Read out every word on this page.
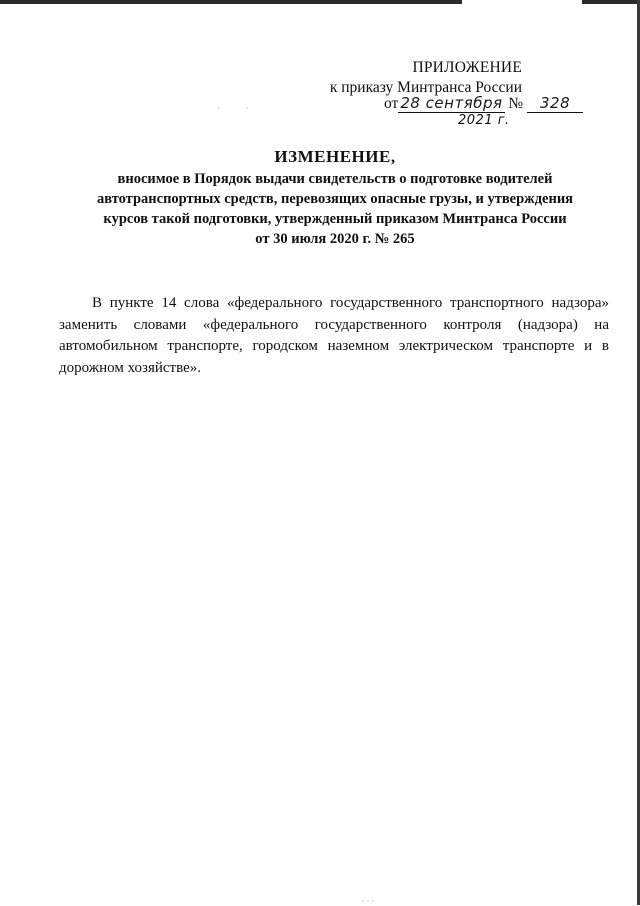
ПРИЛОЖЕНИЕ
к приказу Минтранса России
от 28 сентября № 328
2021 г.
·	·
ИЗМЕНЕНИЕ,
вносимое в Порядок выдачи свидетельств о подготовке водителей
автотранспортных средств, перевозящих опасные грузы, и утверждения
курсов такой подготовки, утвержденный приказом Минтранса России
от 30 июля 2020 г. № 265
В пункте 14 слова «федерального государственного транспортного надзора» заменить словами «федерального государственного контроля (надзора) на автомобильном транспорте, городском наземном электрическом транспорте и в дорожном хозяйстве».
· · ·
